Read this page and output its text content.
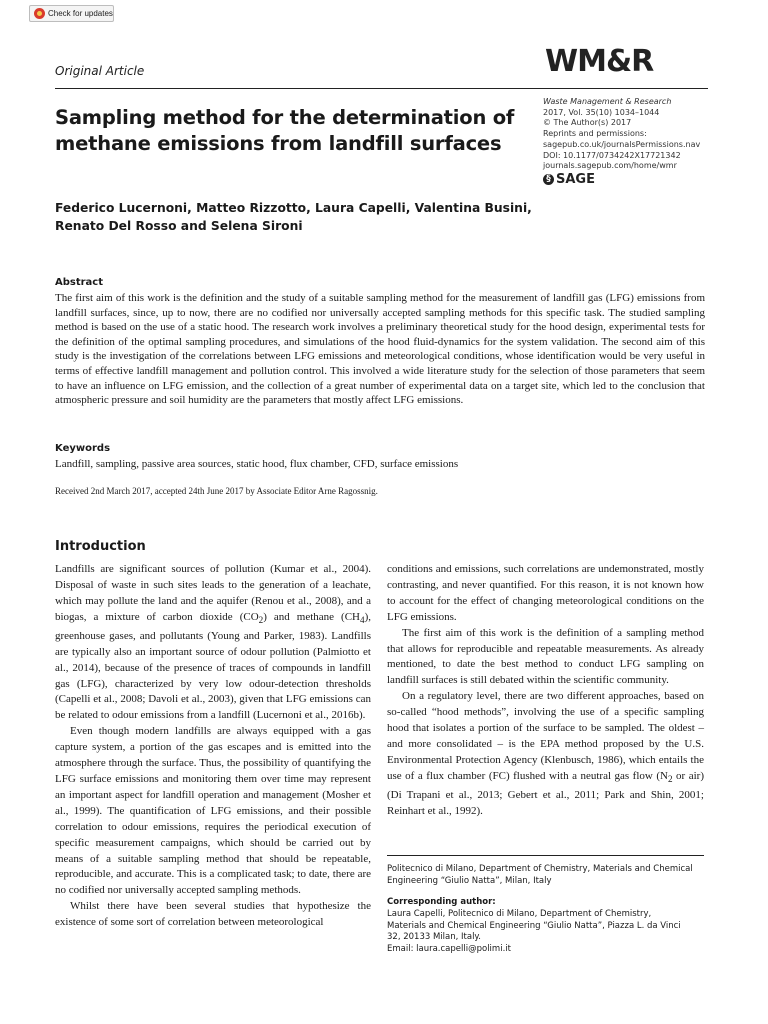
Check for updates
Original Article	WM&R
Sampling method for the determination of methane emissions from landfill surfaces
Waste Management & Research
2017, Vol. 35(10) 1034–1044
© The Author(s) 2017
Reprints and permissions:
sagepub.co.uk/journalsPermissions.nav
DOI: 10.1177/0734242X17721342
journals.sagepub.com/home/wmr
§ SAGE
Federico Lucernoni, Matteo Rizzotto, Laura Capelli, Valentina Busini, Renato Del Rosso and Selena Sironi
Abstract
The first aim of this work is the definition and the study of a suitable sampling method for the measurement of landfill gas (LFG) emissions from landfill surfaces, since, up to now, there are no codified nor universally accepted sampling methods for this specific task. The studied sampling method is based on the use of a static hood. The research work involves a preliminary theoretical study for the hood design, experimental tests for the definition of the optimal sampling procedures, and simulations of the hood fluid-dynamics for the system validation. The second aim of this study is the investigation of the correlations between LFG emissions and meteorological conditions, whose identification would be very useful in terms of effective landfill management and pollution control. This involved a wide literature study for the selection of those parameters that seem to have an influence on LFG emission, and the collection of a great number of experimental data on a target site, which led to the conclusion that atmospheric pressure and soil humidity are the parameters that mostly affect LFG emissions.
Keywords
Landfill, sampling, passive area sources, static hood, flux chamber, CFD, surface emissions
Received 2nd March 2017, accepted 24th June 2017 by Associate Editor Arne Ragossnig.
Introduction

Landfills are significant sources of pollution (Kumar et al., 2004). Disposal of waste in such sites leads to the generation of a leachate, which may pollute the land and the aquifer (Renou et al., 2008), and a biogas, a mixture of carbon dioxide $(CO_2)$ and methane $(CH_4)$, greenhouse gases, and pollutants (Young and Parker, 1983). Landfills are typically also an important source of odour pollution (Palmiotto et al., 2014), because of the presence of traces of compounds in landfill gas (LFG), characterized by very low odour-detection thresholds (Capelli et al., 2008; Davoli et al., 2003), given that LFG emissions can be related to odour emissions from a landfill (Lucernoni et al., 2016b).

Even though modern landfills are always equipped with a gas capture system, a portion of the gas escapes and is emitted into the atmosphere through the surface. Thus, the possibility of quantifying the LFG surface emissions and monitoring them over time may represent an important aspect for landfill operation and management (Mosher et al., 1999). The quantification of LFG emissions, and their possible correlation to odour emissions, requires the periodical execution of specific measurement campaigns, which should be carried out by means of a suitable sampling method that should be repeatable, reproducible, and accurate. This is a complicated task; to date, there are no codified nor universally accepted sampling methods.

Whilst there have been several studies that hypothesize the existence of some sort of correlation between meteorological

conditions and emissions, such correlations are undemonstrated, mostly contrasting, and never quantified. For this reason, it is not known how to account for the effect of changing meteorological conditions on the LFG emissions.

The first aim of this work is the definition of a sampling method that allows for reproducible and repeatable measurements. As already mentioned, to date the best method to conduct LFG sampling on landfill surfaces is still debated within the scientific community.

On a regulatory level, there are two different approaches, based on so-called “hood methods”, involving the use of a specific sampling hood that isolates a portion of the surface to be sampled. The oldest – and more consolidated – is the EPA method proposed by the U.S. Environmental Protection Agency (Klenbusch, 1986), which entails the use of a flux chamber (FC) flushed with a neutral gas flow ($N_2$ or air) (Di Trapani et al., 2013; Gebert et al., 2011; Park and Shin, 2001; Reinhart et al., 1992).

Politecnico di Milano, Department of Chemistry, Materials and Chemical Engineering “Giulio Natta”, Milan, Italy
Corresponding author:
Laura Capelli, Politecnico di Milano, Department of Chemistry,
Materials and Chemical Engineering “Giulio Natta”, Piazza L. da Vinci
32, 20133 Milan, Italy.
Email: laura.capelli@polimi.it
